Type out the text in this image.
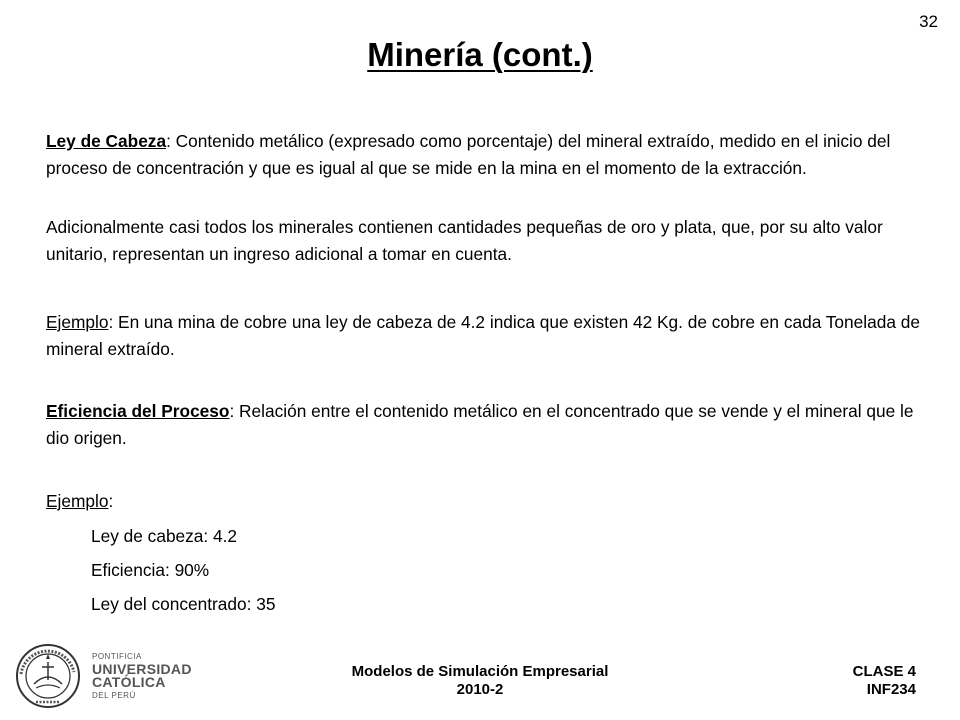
32
Minería (cont.)

Ley de Cabeza: Contenido metálico (expresado como porcentaje) del mineral extraído, medido en el inicio del proceso de concentración y que es igual al que se mide en la mina en el momento de la extracción.

Adicionalmente casi todos los minerales contienen cantidades pequeñas de oro y plata, que, por su alto valor unitario, representan un ingreso adicional a tomar en cuenta.

Ejemplo: En una mina de cobre una ley de cabeza de 4.2 indica que existen 42 Kg. de cobre en cada Tonelada de mineral extraído.

Eficiencia del Proceso: Relación entre el contenido metálico en el concentrado que se vende y el mineral que le dio origen.

Ejemplo:

Ley de cabeza: 4.2

Eficiencia: 90%

Ley del concentrado: 35

PONTIFICIA
UNIVERSIDAD
CATÓLICA
DEL PERÚ
Modelos de Simulación Empresarial
2010-2
CLASE 4
INF234
